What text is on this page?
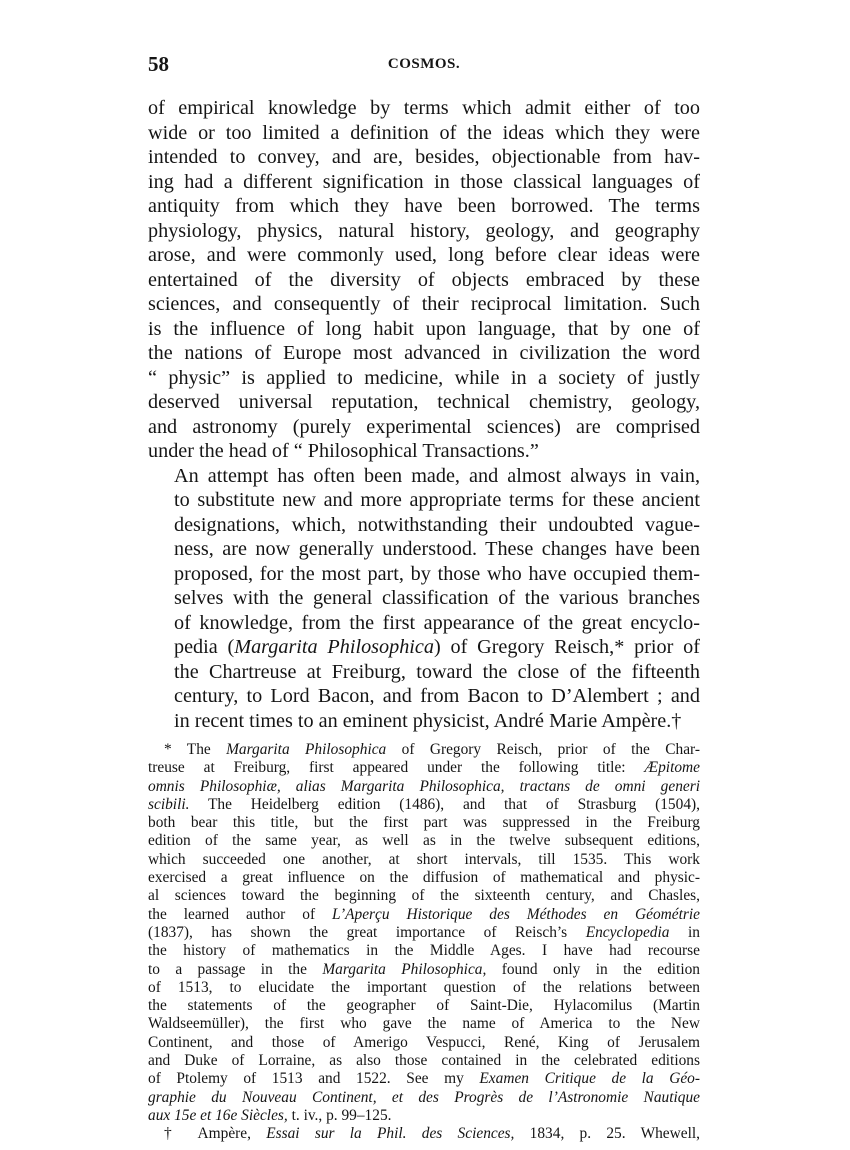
58	COSMOS.

of empirical knowledge by terms which admit either of too
wide or too limited a definition of the ideas which they were
intended to convey, and are, besides, objectionable from hav-
ing had a different signification in those classical languages of
antiquity from which they have been borrowed. The terms
physiology, physics, natural history, geology, and geography
arose, and were commonly used, long before clear ideas were
entertained of the diversity of objects embraced by these
sciences, and consequently of their reciprocal limitation. Such
is the influence of long habit upon language, that by one of
the nations of Europe most advanced in civilization the word
“ physic” is applied to medicine, while in a society of justly
deserved universal reputation, technical chemistry, geology,
and astronomy (purely experimental sciences) are comprised
under the head of “ Philosophical Transactions.”

An attempt has often been made, and almost always in vain,
to substitute new and more appropriate terms for these ancient
designations, which, notwithstanding their undoubted vague-
ness, are now generally understood. These changes have been
proposed, for the most part, by those who have occupied them-
selves with the general classification of the various branches
of knowledge, from the first appearance of the great encyclo-
pedia (Margarita Philosophica) of Gregory Reisch,* prior of
the Chartreuse at Freiburg, toward the close of the fifteenth
century, to Lord Bacon, and from Bacon to D’Alembert ; and
in recent times to an eminent physicist, André Marie Ampère.†

* The Margarita Philosophica of Gregory Reisch, prior of the Char-
treuse at Freiburg, first appeared under the following title: Æpitome
omnis Philosophiæ, alias Margarita Philosophica, tractans de omni generi
scibili. The Heidelberg edition (1486), and that of Strasburg (1504),
both bear this title, but the first part was suppressed in the Freiburg
edition of the same year, as well as in the twelve subsequent editions,
which succeeded one another, at short intervals, till 1535. This work
exercised a great influence on the diffusion of mathematical and physic-
al sciences toward the beginning of the sixteenth century, and Chasles,
the learned author of L’Aperçu Historique des Méthodes en Géométrie
(1837), has shown the great importance of Reisch’s Encyclopedia in
the history of mathematics in the Middle Ages. I have had recourse
to a passage in the Margarita Philosophica, found only in the edition
of 1513, to elucidate the important question of the relations between
the statements of the geographer of Saint-Die, Hylacomilus (Martin
Waldseemüller), the first who gave the name of America to the New
Continent, and those of Amerigo Vespucci, René, King of Jerusalem
and Duke of Lorraine, as also those contained in the celebrated editions
of Ptolemy of 1513 and 1522. See my Examen Critique de la Géo-
graphie du Nouveau Continent, et des Progrès de l’Astronomie Nautique
aux 15e et 16e Siècles, t. iv., p. 99–125.

† Ampère, Essai sur la Phil. des Sciences, 1834, p. 25. Whewell,
